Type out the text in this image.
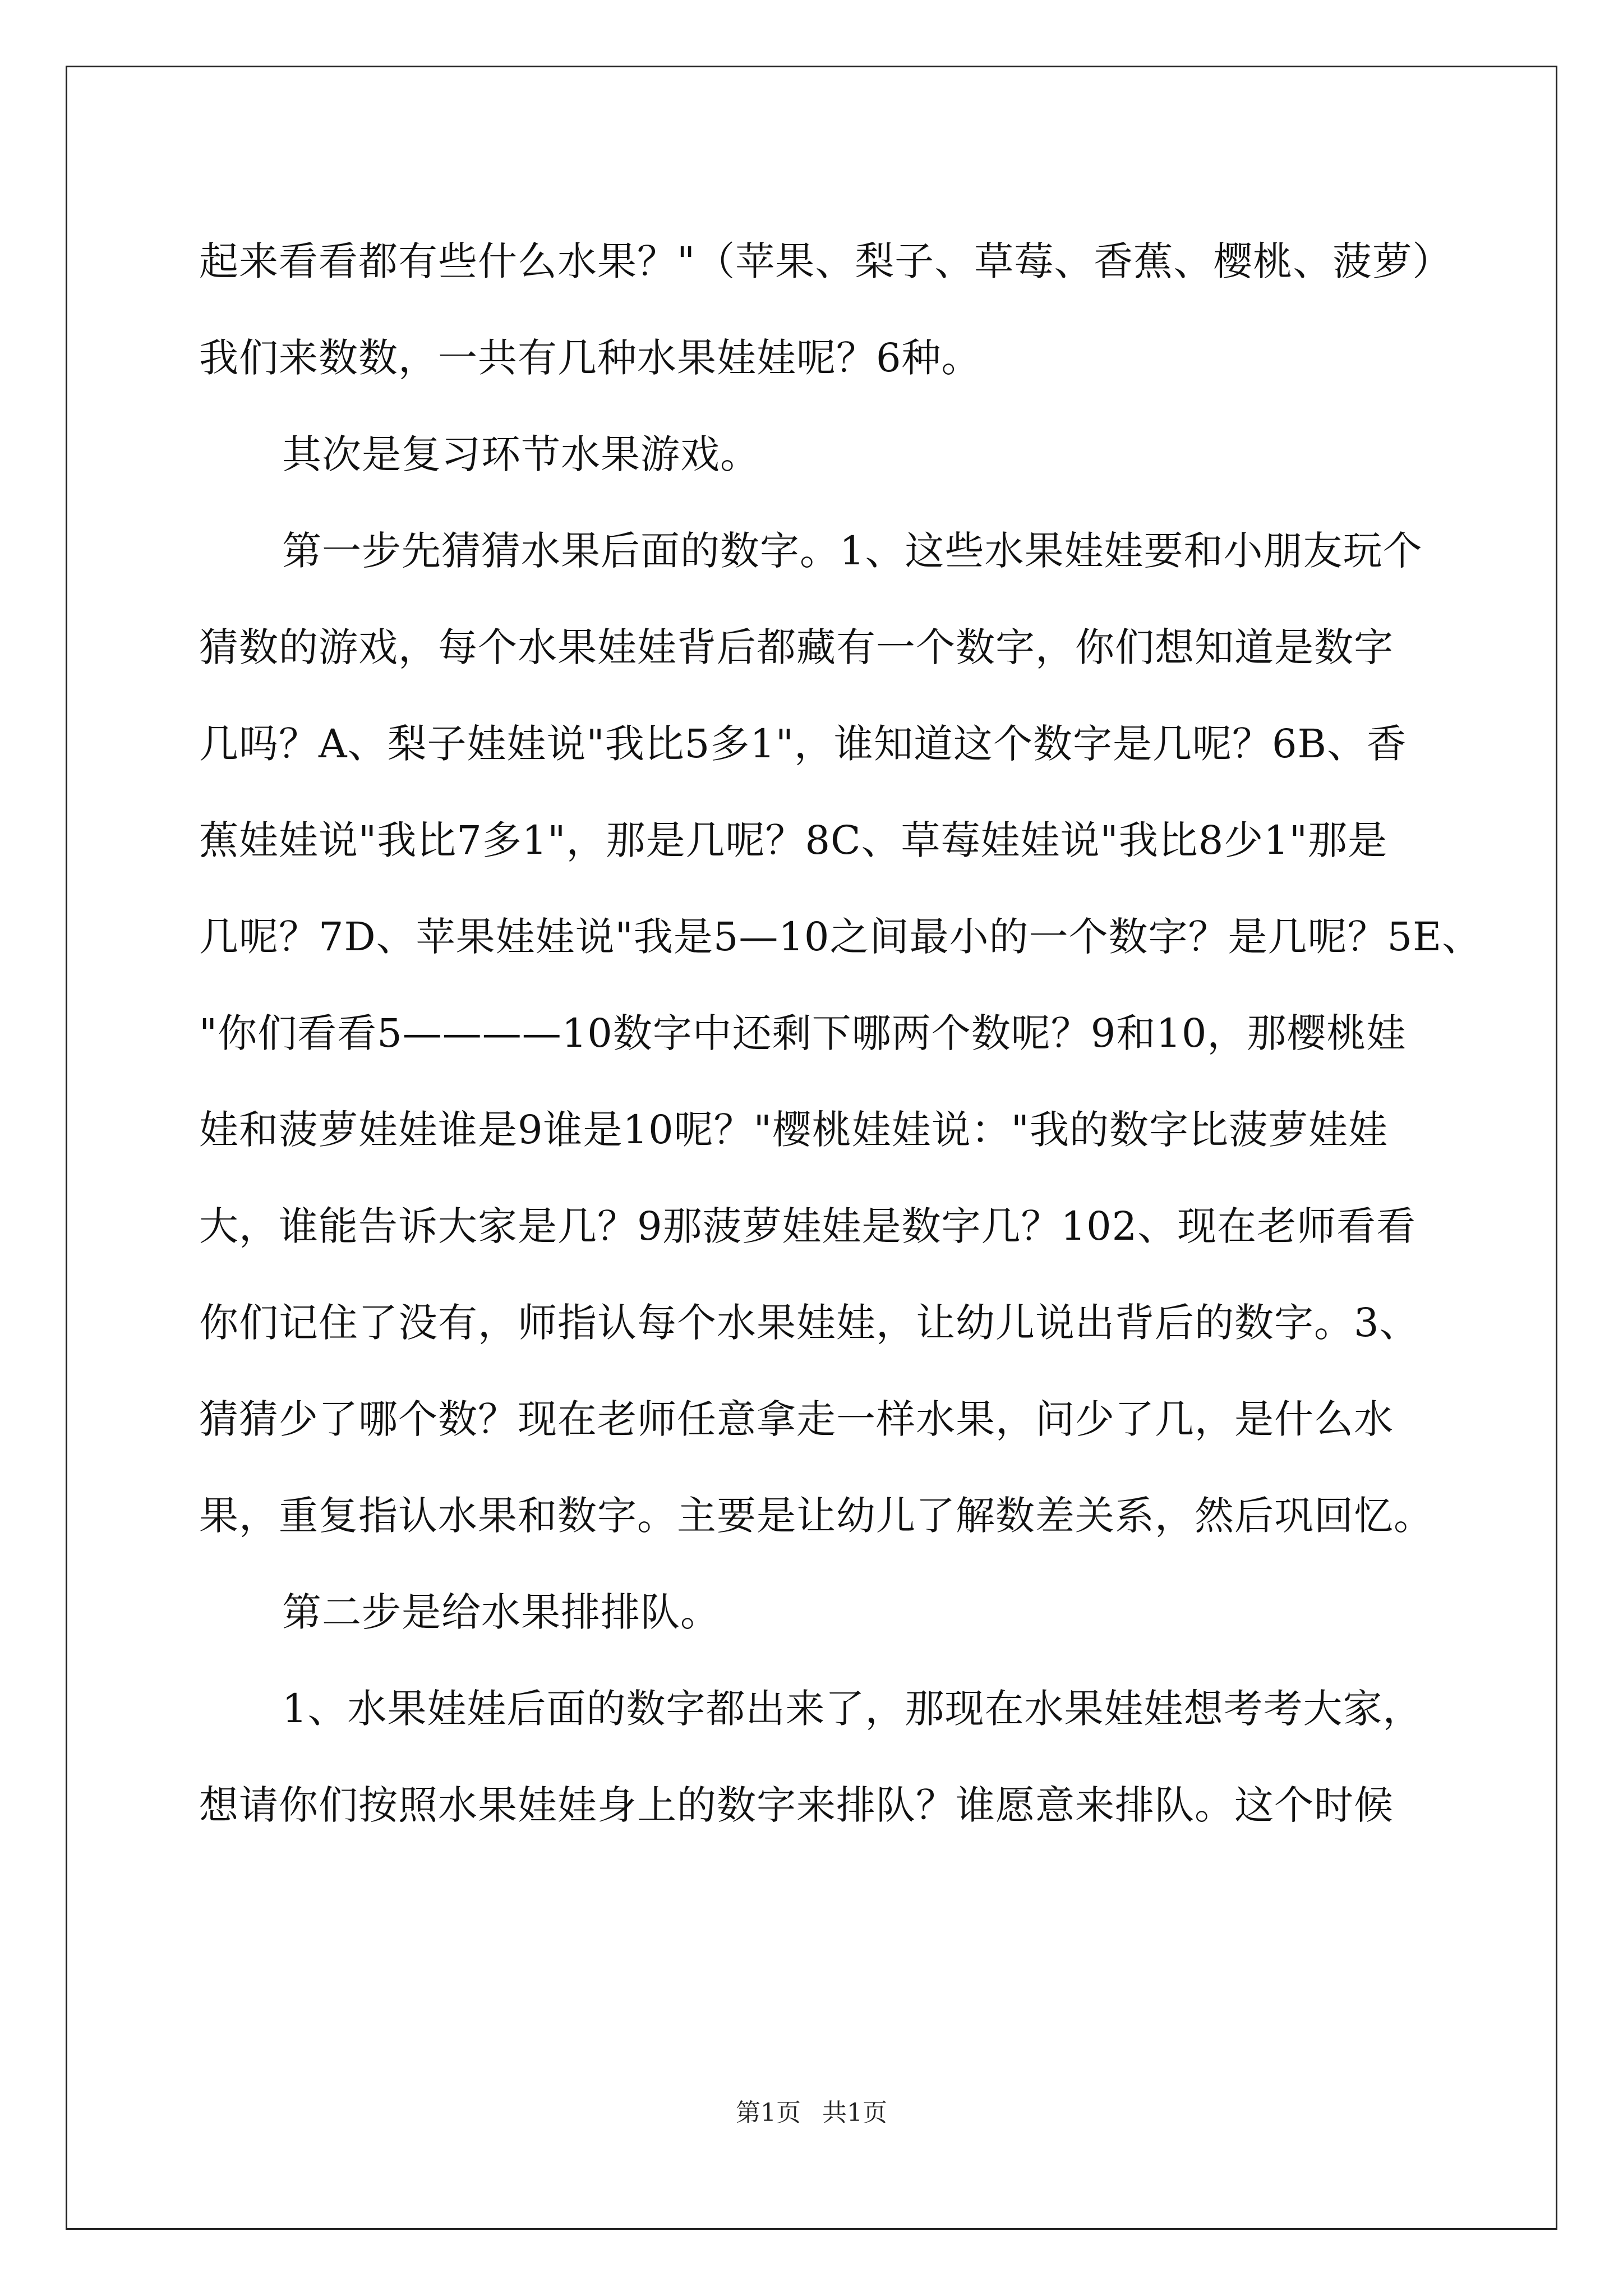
起来看看都有些什么水果？"（苹果、梨子、草莓、香蕉、樱桃、菠萝）
我们来数数，一共有几种水果娃娃呢？6种。
其次是复习环节水果游戏。
第一步先猜猜水果后面的数字。1、这些水果娃娃要和小朋友玩个
猜数的游戏，每个水果娃娃背后都藏有一个数字，你们想知道是数字
几吗？A、梨子娃娃说"我比5多1"，谁知道这个数字是几呢？6B、香
蕉娃娃说"我比7多1"，那是几呢？8C、草莓娃娃说"我比8少1"那是
几呢？7D、苹果娃娃说"我是5—10之间最小的一个数字？是几呢？5E、
"你们看看5————10数字中还剩下哪两个数呢？9和10，那樱桃娃
娃和菠萝娃娃谁是9谁是10呢？"樱桃娃娃说："我的数字比菠萝娃娃
大，谁能告诉大家是几？9那菠萝娃娃是数字几？102、现在老师看看
你们记住了没有，师指认每个水果娃娃，让幼儿说出背后的数字。3、
猜猜少了哪个数？现在老师任意拿走一样水果，问少了几，是什么水
果，重复指认水果和数字。主要是让幼儿了解数差关系，然后巩回忆。
第二步是给水果排排队。
1、水果娃娃后面的数字都出来了，那现在水果娃娃想考考大家，
想请你们按照水果娃娃身上的数字来排队？谁愿意来排队。这个时候
第1页 共1页
